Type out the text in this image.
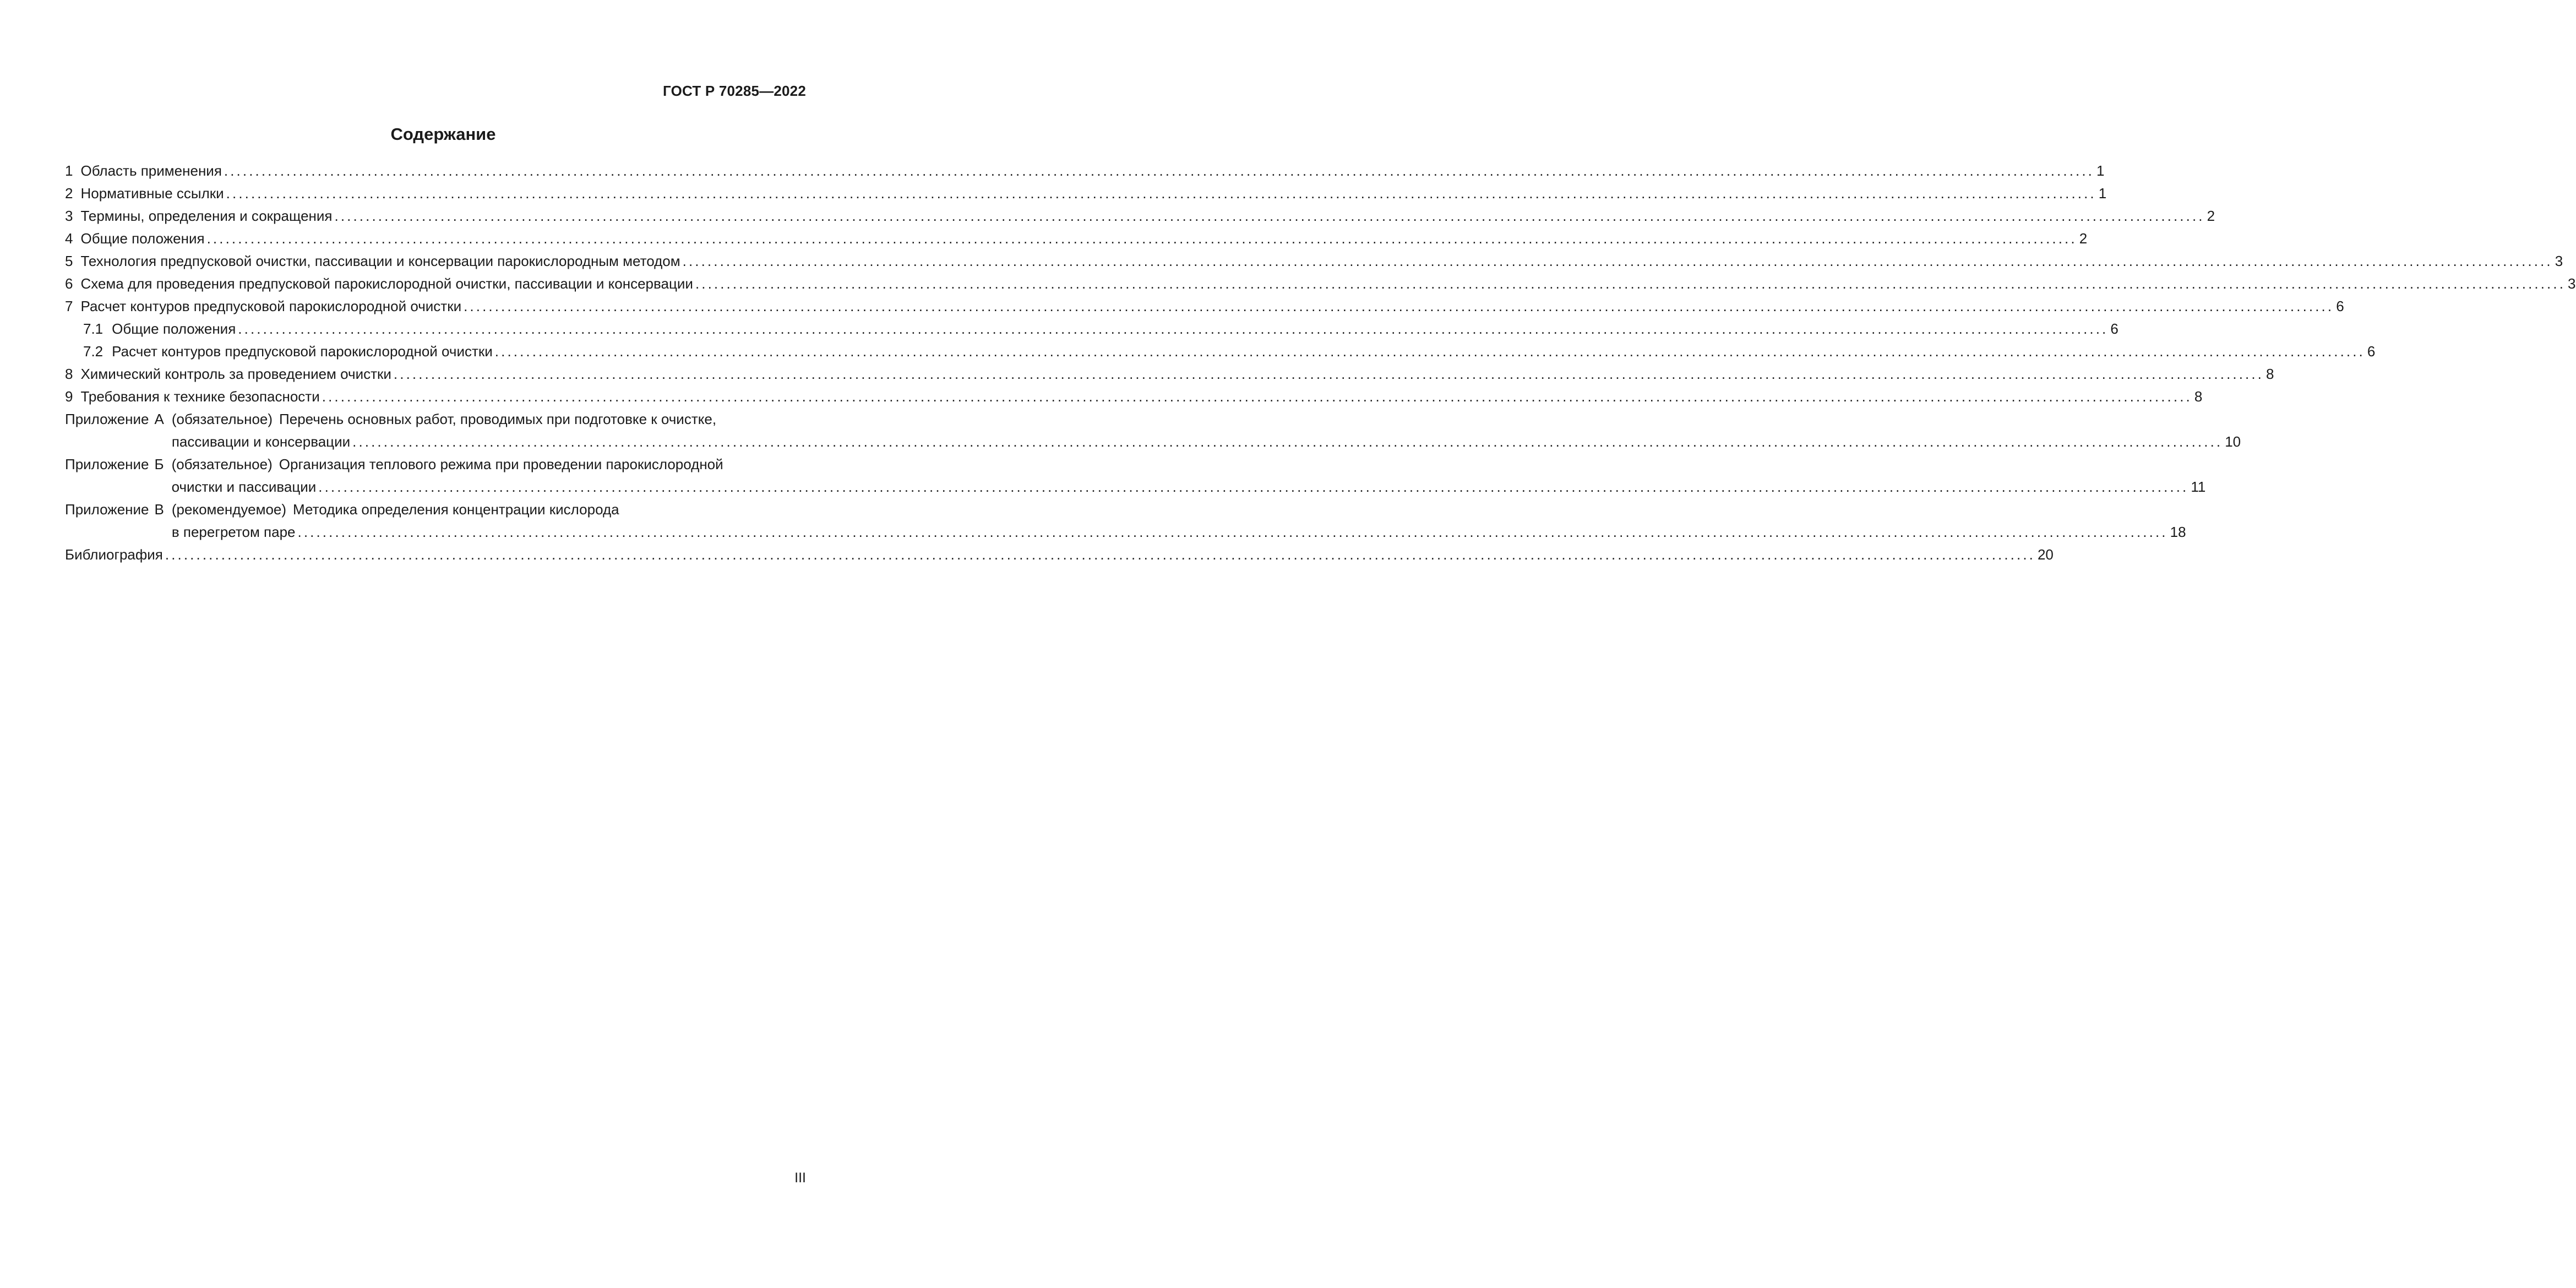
ГОСТ Р 70285—2022
Содержание
1 Область применения ............................................................................................................................................................................................................................................................................................................ 1
2 Нормативные ссылки ............................................................................................................................................................................................................................................................................................................ 1
3 Термины, определения и сокращения ............................................................................................................................................................................................................................................................................................................ 2
4 Общие положения ............................................................................................................................................................................................................................................................................................................ 2
5 Технология предпусковой очистки, пассивации и консервации парокислородным методом ............................................................................................................................................................................................................................................................................................................ 3
6 Схема для проведения предпусковой парокислородной очистки, пассивации и консервации ............................................................................................................................................................................................................................................................................................................ 3
7 Расчет контуров предпусковой парокислородной очистки ............................................................................................................................................................................................................................................................................................................ 6
7.1 Общие положения ............................................................................................................................................................................................................................................................................................................ 6
7.2 Расчет контуров предпусковой парокислородной очистки ............................................................................................................................................................................................................................................................................................................ 6
8 Химический контроль за проведением очистки ............................................................................................................................................................................................................................................................................................................ 8
9 Требования к технике безопасности ............................................................................................................................................................................................................................................................................................................ 8
Приложение А (обязательное) Перечень основных работ, проводимых при подготовке к очистке,
пассивации и консервации ............................................................................................................................................................................................................................................................................................................ 10
Приложение Б (обязательное) Организация теплового режима при проведении парокислородной
очистки и пассивации ............................................................................................................................................................................................................................................................................................................ 11
Приложение В (рекомендуемое) Методика определения концентрации кислорода
в перегретом паре ............................................................................................................................................................................................................................................................................................................ 18
Библиография ............................................................................................................................................................................................................................................................................................................ 20
III
